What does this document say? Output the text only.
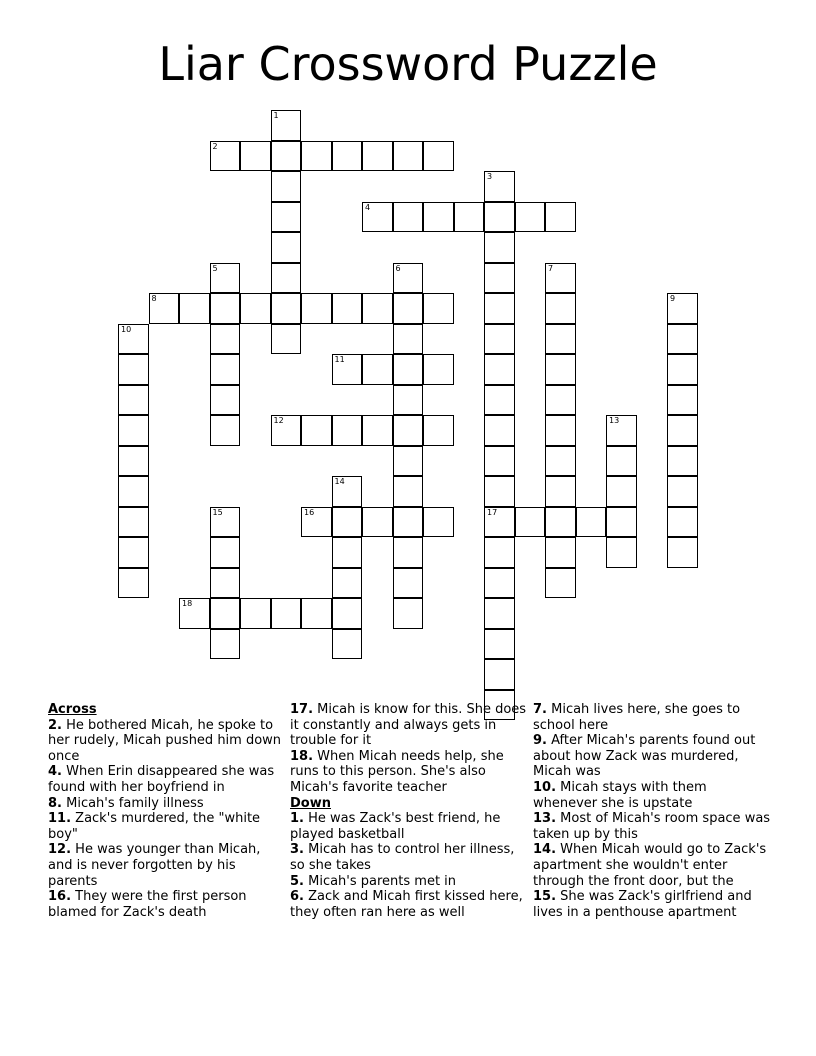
Liar Crossword Puzzle
1
2
3
17
4
5	6	7
8	9
10
11
12	13
14
15	16
18
Across
2. He bothered Micah, he spoke to her rudely, Micah pushed him down once
4. When Erin disappeared she was found with her boyfriend in
8. Micah's family illness
11. Zack's murdered, the "white boy"
12. He was younger than Micah, and is never forgotten by his parents
16. They were the first person blamed for Zack's death
17. Micah is know for this. She does it constantly and always gets in trouble for it
18. When Micah needs help, she runs to this person. She's also Micah's favorite teacher
Down
1. He was Zack's best friend, he played basketball
3. Micah has to control her illness, so she takes
5. Micah's parents met in
6. Zack and Micah first kissed here, they often ran here as well
7. Micah lives here, she goes to school here
9. After Micah's parents found out about how Zack was murdered, Micah was
10. Micah stays with them whenever she is upstate
13. Most of Micah's room space was taken up by this
14. When Micah would go to Zack's apartment she wouldn't enter through the front door, but the
15. She was Zack's girlfriend and lives in a penthouse apartment
